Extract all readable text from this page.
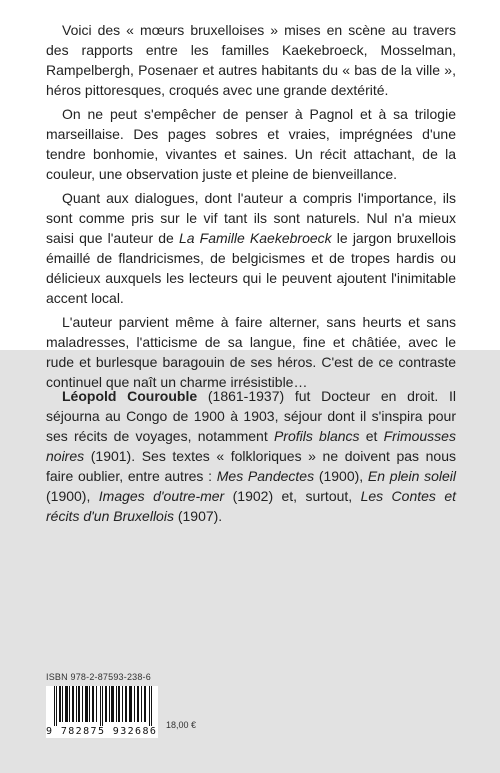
Voici des « mœurs bruxelloises » mises en scène au travers des rapports entre les familles Kaekebroeck, Mosselman, Rampelbergh, Posenaer et autres habitants du « bas de la ville », héros pittoresques, croqués avec une grande dextérité.

On ne peut s'empêcher de penser à Pagnol et à sa trilogie marseillaise. Des pages sobres et vraies, imprégnées d'une tendre bonhomie, vivantes et saines. Un récit attachant, de la couleur, une observation juste et pleine de bienveillance.

Quant aux dialogues, dont l'auteur a compris l'importance, ils sont comme pris sur le vif tant ils sont naturels. Nul n'a mieux saisi que l'auteur de La Famille Kaekebroeck le jargon bruxellois émaillé de flandricismes, de belgicismes et de tropes hardis ou délicieux auxquels les lecteurs qui le peuvent ajoutent l'inimitable accent local.

L'auteur parvient même à faire alterner, sans heurts et sans maladresses, l'atticisme de sa langue, fine et châtiée, avec le rude et burlesque baragouin de ses héros. C'est de ce contraste continuel que naît un charme irrésistible…

Léopold Courouble (1861-1937) fut Docteur en droit. Il séjourna au Congo de 1900 à 1903, séjour dont il s'inspira pour ses récits de voyages, notamment Profils blancs et Frimousses noires (1901). Ses textes « folkloriques » ne doivent pas nous faire oublier, entre autres : Mes Pandectes (1900), En plein soleil (1900), Images d'outre-mer (1902) et, surtout, Les Contes et récits d'un Bruxellois (1907).

ISBN 978-2-87593-238-6
9 782875 932686
18,00 €
